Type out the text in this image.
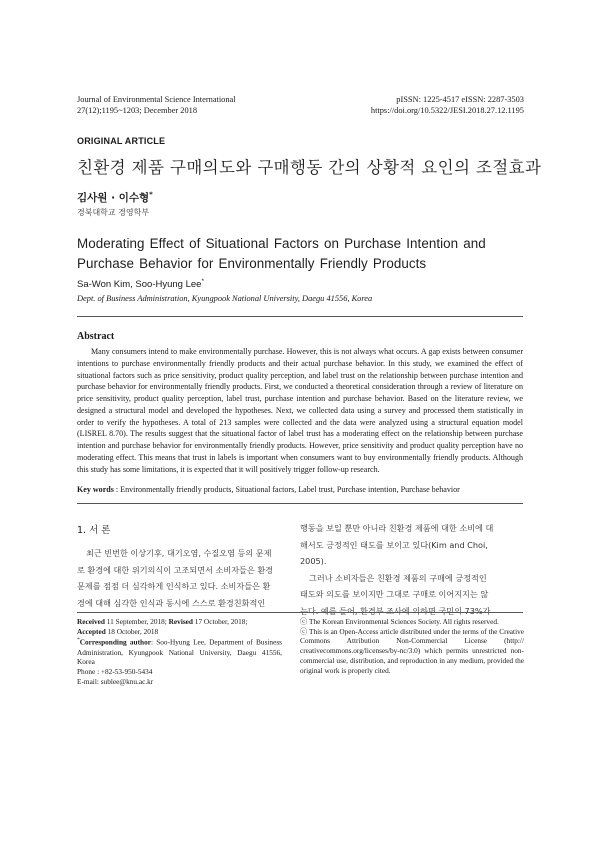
Journal of Environmental Science International
27(12);1195~1203; December 2018
pISSN: 1225-4517 eISSN: 2287-3503
https://doi.org/10.5322/JESI.2018.27.12.1195
ORIGINAL ARTICLE
친환경 제품 구매의도와 구매행동 간의 상황적 요인의 조절효과
김사원 · 이수형*
경북대학교 경영학부
Moderating Effect of Situational Factors on Purchase Intention and
Purchase Behavior for Environmentally Friendly Products
Sa-Won Kim, Soo-Hyung Lee*
Dept. of Business Administration, Kyungpook National University, Daegu 41556, Korea
Abstract
Many consumers intend to make environmentally purchase. However, this is not always what occurs. A gap exists between consumer intentions to purchase environmentally friendly products and their actual purchase behavior. In this study, we examined the effect of situational factors such as price sensitivity, product quality perception, and label trust on the relationship between purchase intention and purchase behavior for environmentally friendly products. First, we conducted a theoretical consideration through a review of literature on price sensitivity, product quality perception, label trust, purchase intention and purchase behavior. Based on the literature review, we designed a structural model and developed the hypotheses. Next, we collected data using a survey and processed them statistically in order to verify the hypotheses. A total of 213 samples were collected and the data were analyzed using a structural equation model (LISREL 8.70). The results suggest that the situational factor of label trust has a moderating effect on the relationship between purchase intention and purchase behavior for environmentally friendly products. However, price sensitivity and product quality perception have no moderating effect. This means that trust in labels is important when consumers want to buy environmentally friendly products. Although this study has some limitations, it is expected that it will positively trigger follow-up research.
Key words : Environmentally friendly products, Situational factors, Label trust, Purchase intention, Purchase behavior
1. 서 론
최근 빈번한 이상기후, 대기오염, 수질오염 등의 문제
로 환경에 대한 위기의식이 고조되면서 소비자들은 환경
문제를 점점 더 심각하게 인식하고 있다. 소비자들은 환
경에 대해 심각한 인식과 동시에 스스로 환경친화적인
행동을 보일 뿐만 아니라 친환경 제품에 대한 소비에 대
해서도 긍정적인 태도를 보이고 있다(Kim and Choi,
2005).
그러나 소비자들은 친환경 제품의 구매에 긍정적인
태도와 의도를 보이지만 그대로 구매로 이어지지는 않
는다. 예를 들어, 환경부 조사에 의하면 국민의 73%가
Received 11 September, 2018; Revised 17 October, 2018;
Accepted 18 October, 2018
*Corresponding author: Soo-Hyung Lee, Department of Business Administration, Kyungpook National University, Daegu 41556, Korea
Phone : +82-53-950-5434
E-mail: sublee@knu.ac.kr
ⓒ The Korean Environmental Sciences Society. All rights reserved.
ⓒ This is an Open-Access article distributed under the terms of the Creative Commons Attribution Non-Commercial License (http:// creativecommons.org/licenses/by-nc/3.0) which permits unrestricted non-commercial use, distribution, and reproduction in any medium, provided the original work is properly cited.
